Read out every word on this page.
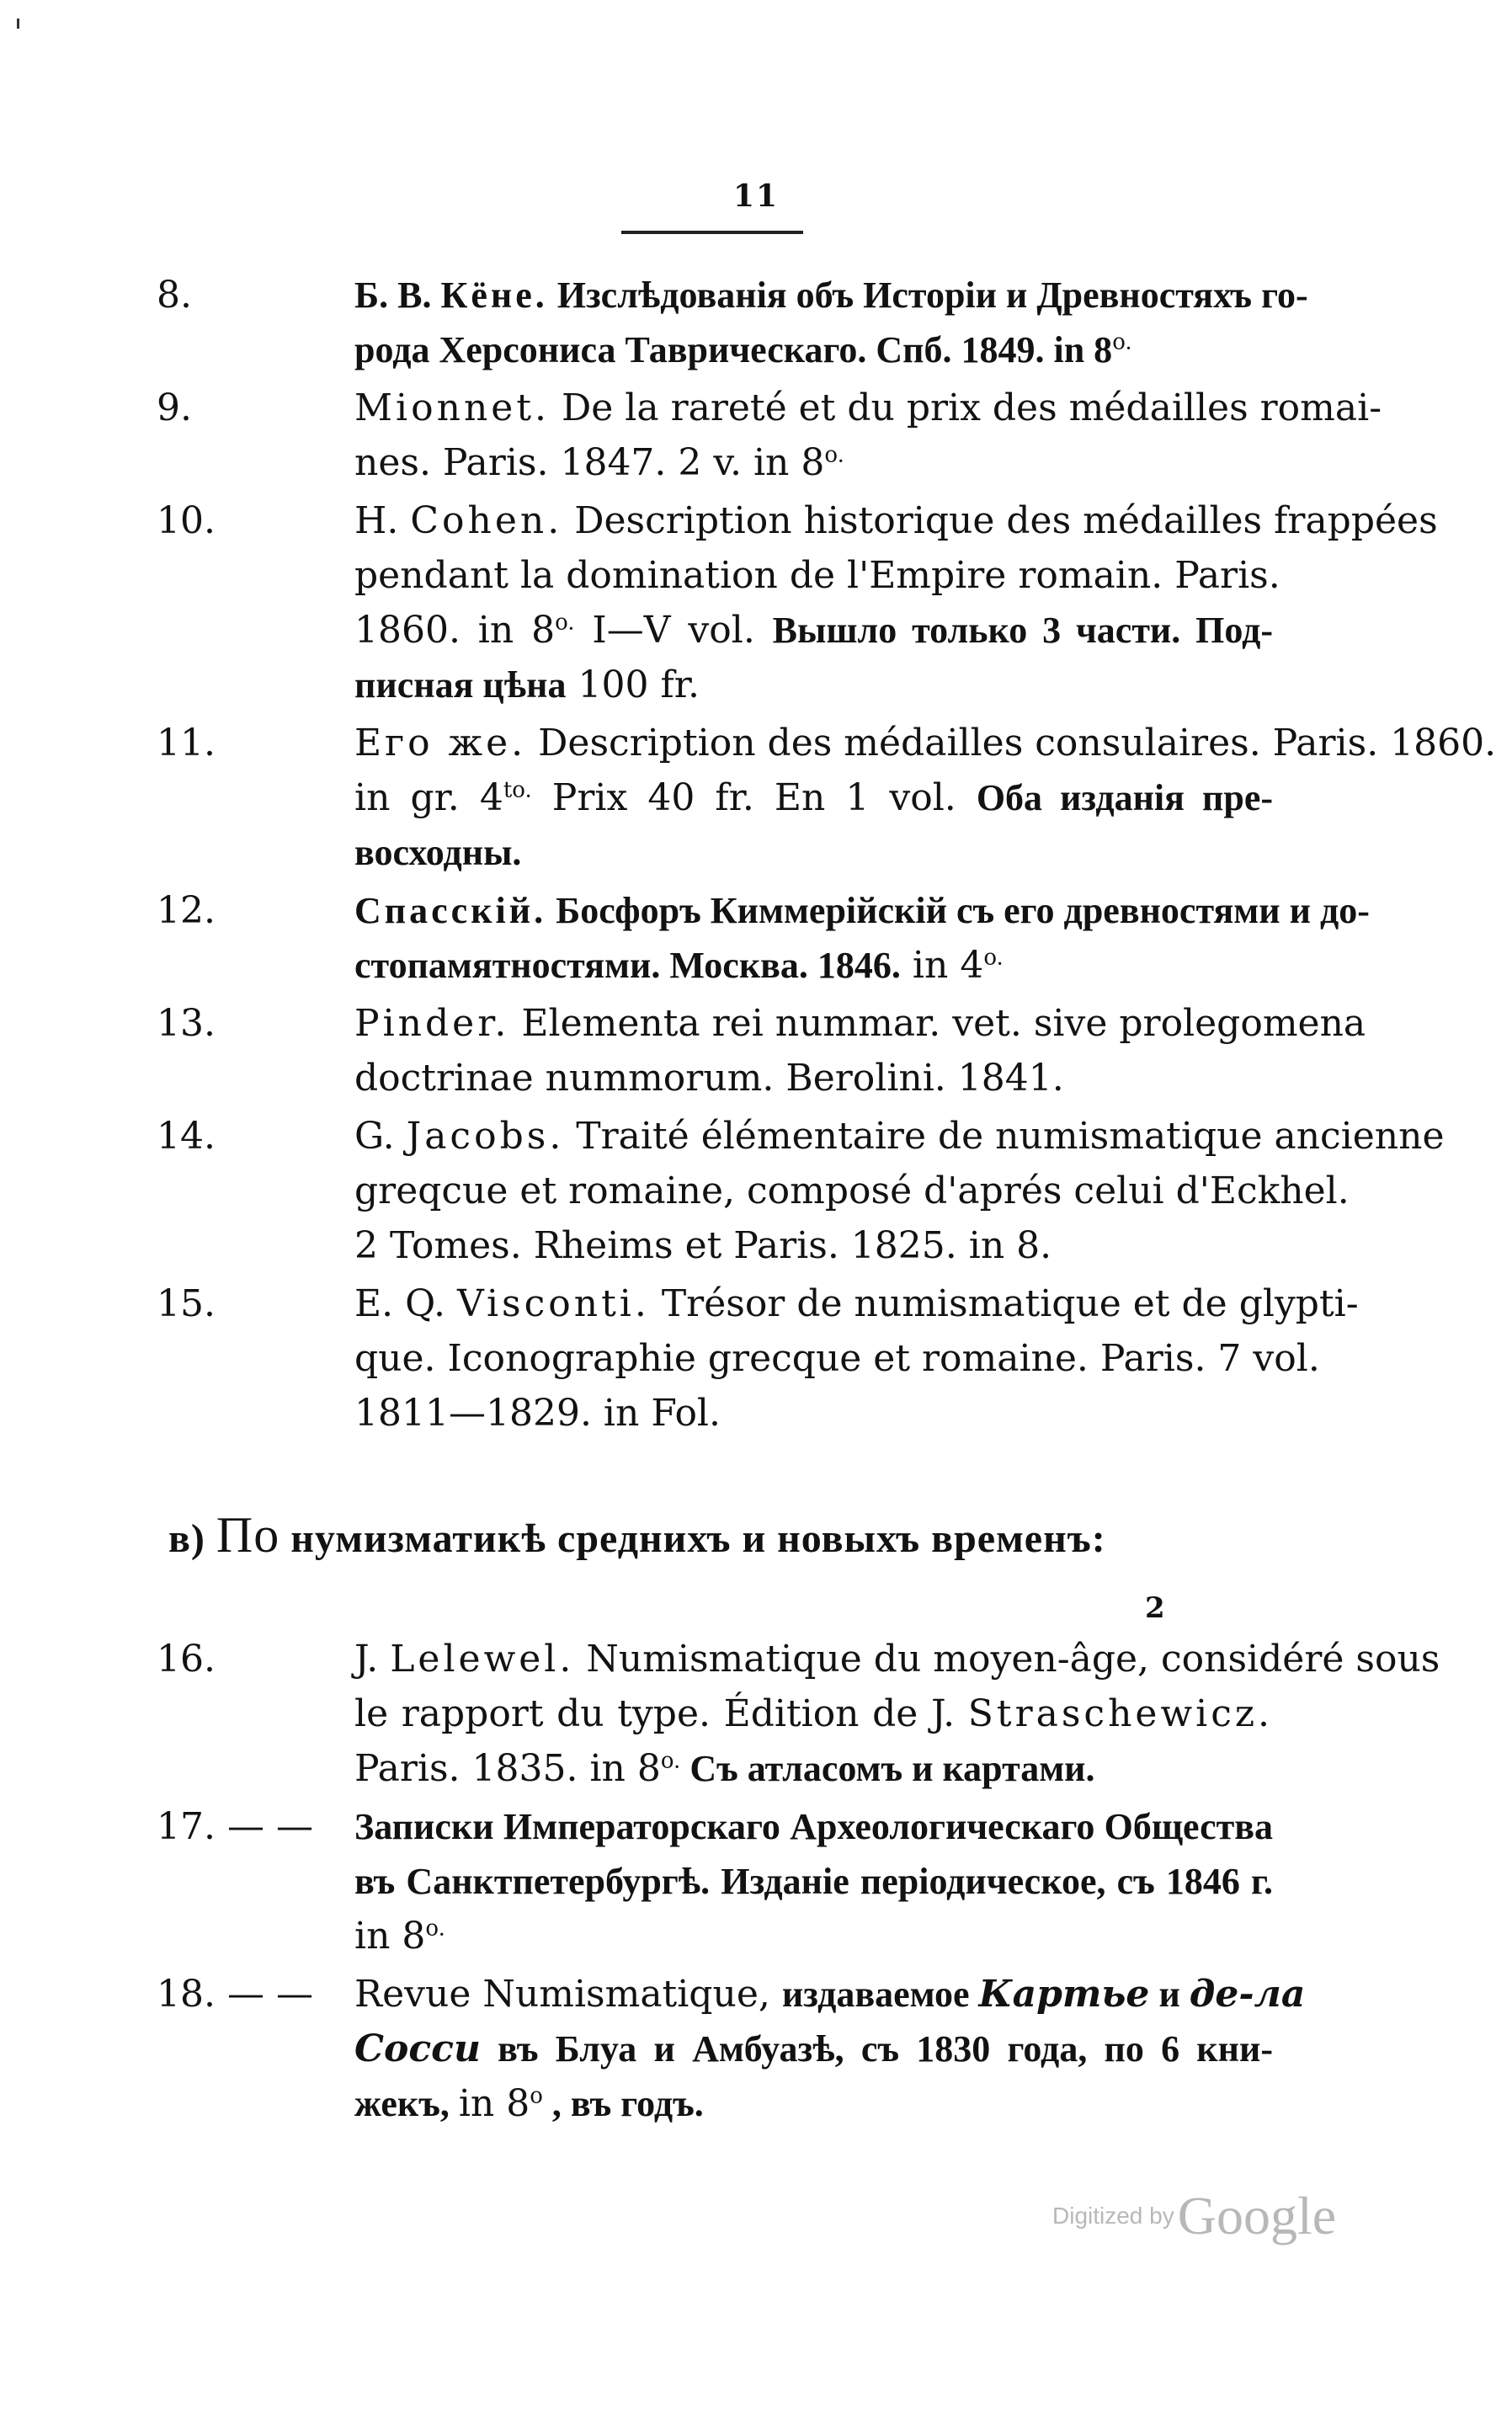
11
8.	Б. В. Кёне. Изслѣдованія объ Исторіи и Древностяхъ го-
рода Херсониса Таврическаго. Спб. 1849. in $8^{o.}$
9.	Mionnet. De la rareté et du prix des médailles romai-
nes. Paris. 1847. 2 v. in $8^{o.}$
10.	H. Cohen. Description historique des médailles frappées
pendant la domination de l'Empire romain. Paris.
1860. in $8^{o.}$ I—V vol. Вышло только 3 части. Под-
писная цѣна 100 fr.
11.	Его же. Description des médailles consulaires. Paris. 1860.
in gr. $4^{to.}$ Prix 40 fr. En 1 vol. Оба изданія пре-
восходны.
12.	Спасскій. Босфоръ Киммерійскій съ его древностями и до-
стопамятностями. Москва. 1846. in $4^{o.}$
13.	Pinder. Elementa rei nummar. vet. sive prolegomena
doctrinae nummorum. Berolini. 1841.
14.	G. Jacobs. Traité élémentaire de numismatique ancienne
greqcue et romaine, composé d'aprés celui d'Eckhel.
2 Tomes. Rheims et Paris. 1825. in 8.
15.	E. Q. Visconti. Trésor de numismatique et de glypti-
que. Iconographie grecque et romaine. Paris. 7 vol.
1811—1829. in Fol.
в) По нумизматикѣ среднихъ и новыхъ временъ:
16.	J. Lelewel. Numismatique du moyen-âge, considéré sous
le rapport du type. Édition de J. Straschewicz.
Paris. 1835. in $8^{o.}$ Съ атласомъ и картами.
17. — —	Записки Императорскаго Археологическаго Общества
въ Санктпетербургѣ. Изданіе періодическое, съ 1846 г.
in $8^{o.}$
18. — —	Revue Numismatique, издаваемое Картье и де-ла
Сосси въ Блуа и Амбуазѣ, съ 1830 года, по 6 кни-
жекъ, in 8$^o$ , въ годъ.
2
Digitized byGoogle
